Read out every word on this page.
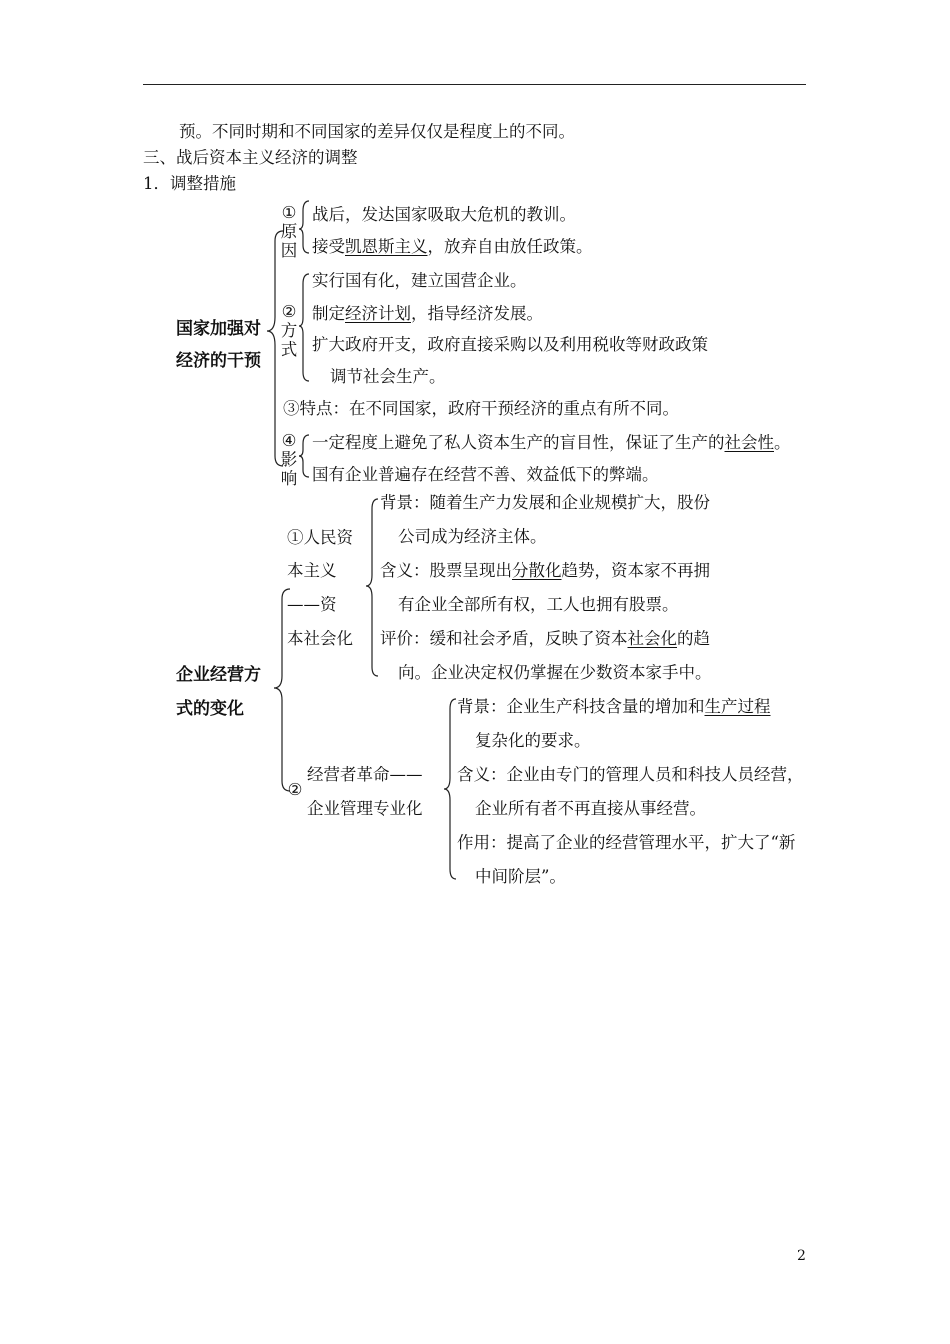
预。不同时期和不同国家的差异仅仅是程度上的不同。
三、战后资本主义经济的调整
1．调整措施
国家加强对
经济的干预
①
原
因
战后，发达国家吸取大危机的教训。
接受凯恩斯主义，放弃自由放任政策。
②
方
式
实行国有化，建立国营企业。
制定经济计划，指导经济发展。
扩大政府开支，政府直接采购以及利用税收等财政政策
调节社会生产。
③特点：在不同国家，政府干预经济的重点有所不同。
④
影
响
一定程度上避免了私人资本生产的盲目性，保证了生产的社会性。
国有企业普遍存在经营不善、效益低下的弊端。
企业经营方
式的变化
①人民资
本主义
——资
本社会化
背景：随着生产力发展和企业规模扩大，股份
公司成为经济主体。
含义：股票呈现出分散化趋势，资本家不再拥
有企业全部所有权，工人也拥有股票。
评价：缓和社会矛盾，反映了资本社会化的趋
向。企业决定权仍掌握在少数资本家手中。
②
经营者革命——
企业管理专业化
背景：企业生产科技含量的增加和生产过程
复杂化的要求。
含义：企业由专门的管理人员和科技人员经营，
企业所有者不再直接从事经营。
作用：提高了企业的经营管理水平，扩大了“新
中间阶层”。
2
